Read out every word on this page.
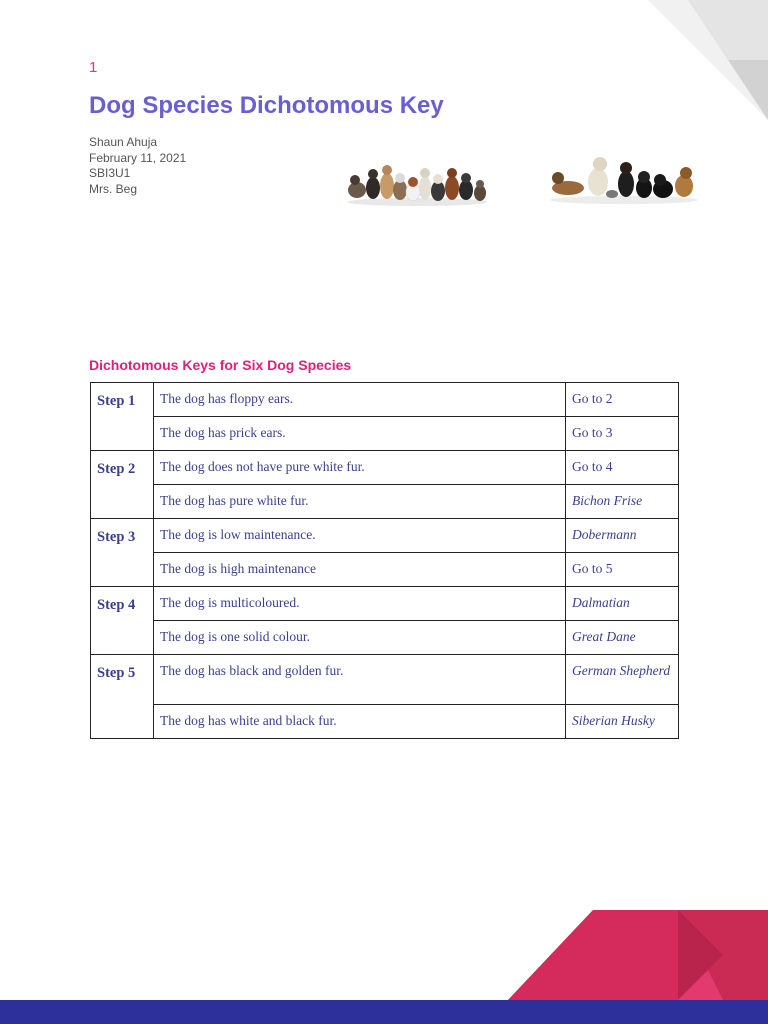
1
Dog Species Dichotomous Key
Shaun Ahuja
February 11, 2021
SBI3U1
Mrs. Beg
Dichotomous Keys for Six Dog Species
Step 1	The dog has floppy ears.	Go to 2
	The dog has prick ears.	Go to 3
Step 2	The dog does not have pure white fur.	Go to 4
	The dog has pure white fur.	Bichon Frise
Step 3	The dog is low maintenance.	Dobermann
	The dog is high maintenance	Go to 5
Step 4	The dog is multicoloured.	Dalmatian
	The dog is one solid colour.	Great Dane
Step 5	The dog has black and golden fur.	German Shepherd
	The dog has white and black fur.	Siberian Husky
